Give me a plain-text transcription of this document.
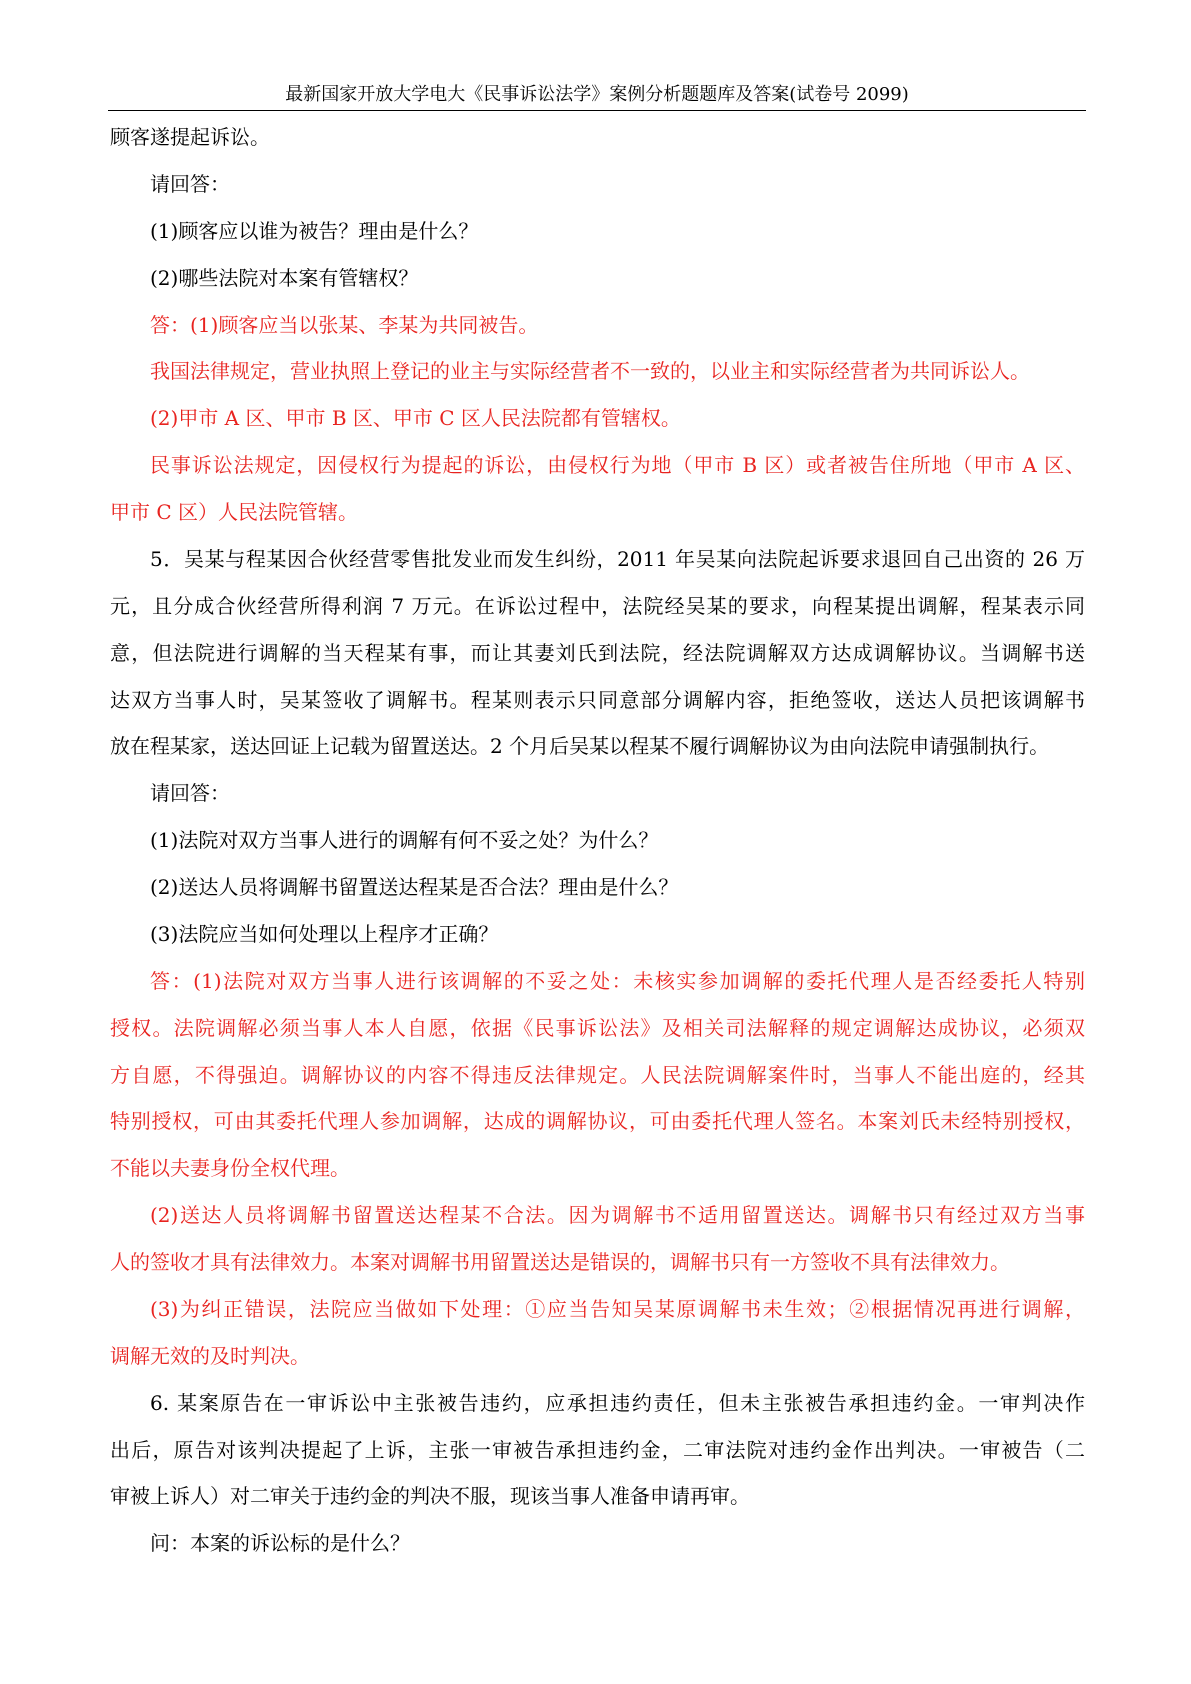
最新国家开放大学电大《民事诉讼法学》案例分析题题库及答案(试卷号 2099)
顾客遂提起诉讼。
请回答：
(1)顾客应以谁为被告？理由是什么？
(2)哪些法院对本案有管辖权？
答：(1)顾客应当以张某、李某为共同被告。
我国法律规定，营业执照上登记的业主与实际经营者不一致的，以业主和实际经营者为共同诉讼人。
(2)甲市 A 区、甲市 B 区、甲市 C 区人民法院都有管辖权。
民事诉讼法规定，因侵权行为提起的诉讼，由侵权行为地（甲市 B 区）或者被告住所地（甲市 A 区、
甲市 C 区）人民法院管辖。
5．吴某与程某因合伙经营零售批发业而发生纠纷，2011 年吴某向法院起诉要求退回自己出资的 26 万
元，且分成合伙经营所得利润 7 万元。在诉讼过程中，法院经吴某的要求，向程某提出调解，程某表示同
意，但法院进行调解的当天程某有事，而让其妻刘氏到法院，经法院调解双方达成调解协议。当调解书送
达双方当事人时，吴某签收了调解书。程某则表示只同意部分调解内容，拒绝签收，送达人员把该调解书
放在程某家，送达回证上记载为留置送达。2 个月后吴某以程某不履行调解协议为由向法院申请强制执行。
请回答：
(1)法院对双方当事人进行的调解有何不妥之处？为什么？
(2)送达人员将调解书留置送达程某是否合法？理由是什么？
(3)法院应当如何处理以上程序才正确？
答：(1)法院对双方当事人进行该调解的不妥之处：未核实参加调解的委托代理人是否经委托人特别
授权。法院调解必须当事人本人自愿，依据《民事诉讼法》及相关司法解释的规定调解达成协议，必须双
方自愿，不得强迫。调解协议的内容不得违反法律规定。人民法院调解案件时，当事人不能出庭的，经其
特别授权，可由其委托代理人参加调解，达成的调解协议，可由委托代理人签名。本案刘氏未经特别授权，
不能以夫妻身份全权代理。
(2)送达人员将调解书留置送达程某不合法。因为调解书不适用留置送达。调解书只有经过双方当事
人的签收才具有法律效力。本案对调解书用留置送达是错误的，调解书只有一方签收不具有法律效力。
(3)为纠正错误，法院应当做如下处理：①应当告知吴某原调解书未生效；②根据情况再进行调解，
调解无效的及时判决。
6. 某案原告在一审诉讼中主张被告违约，应承担违约责任，但未主张被告承担违约金。一审判决作
出后，原告对该判决提起了上诉，主张一审被告承担违约金，二审法院对违约金作出判决。一审被告（二
审被上诉人）对二审关于违约金的判决不服，现该当事人准备申请再审。
问：本案的诉讼标的是什么？
